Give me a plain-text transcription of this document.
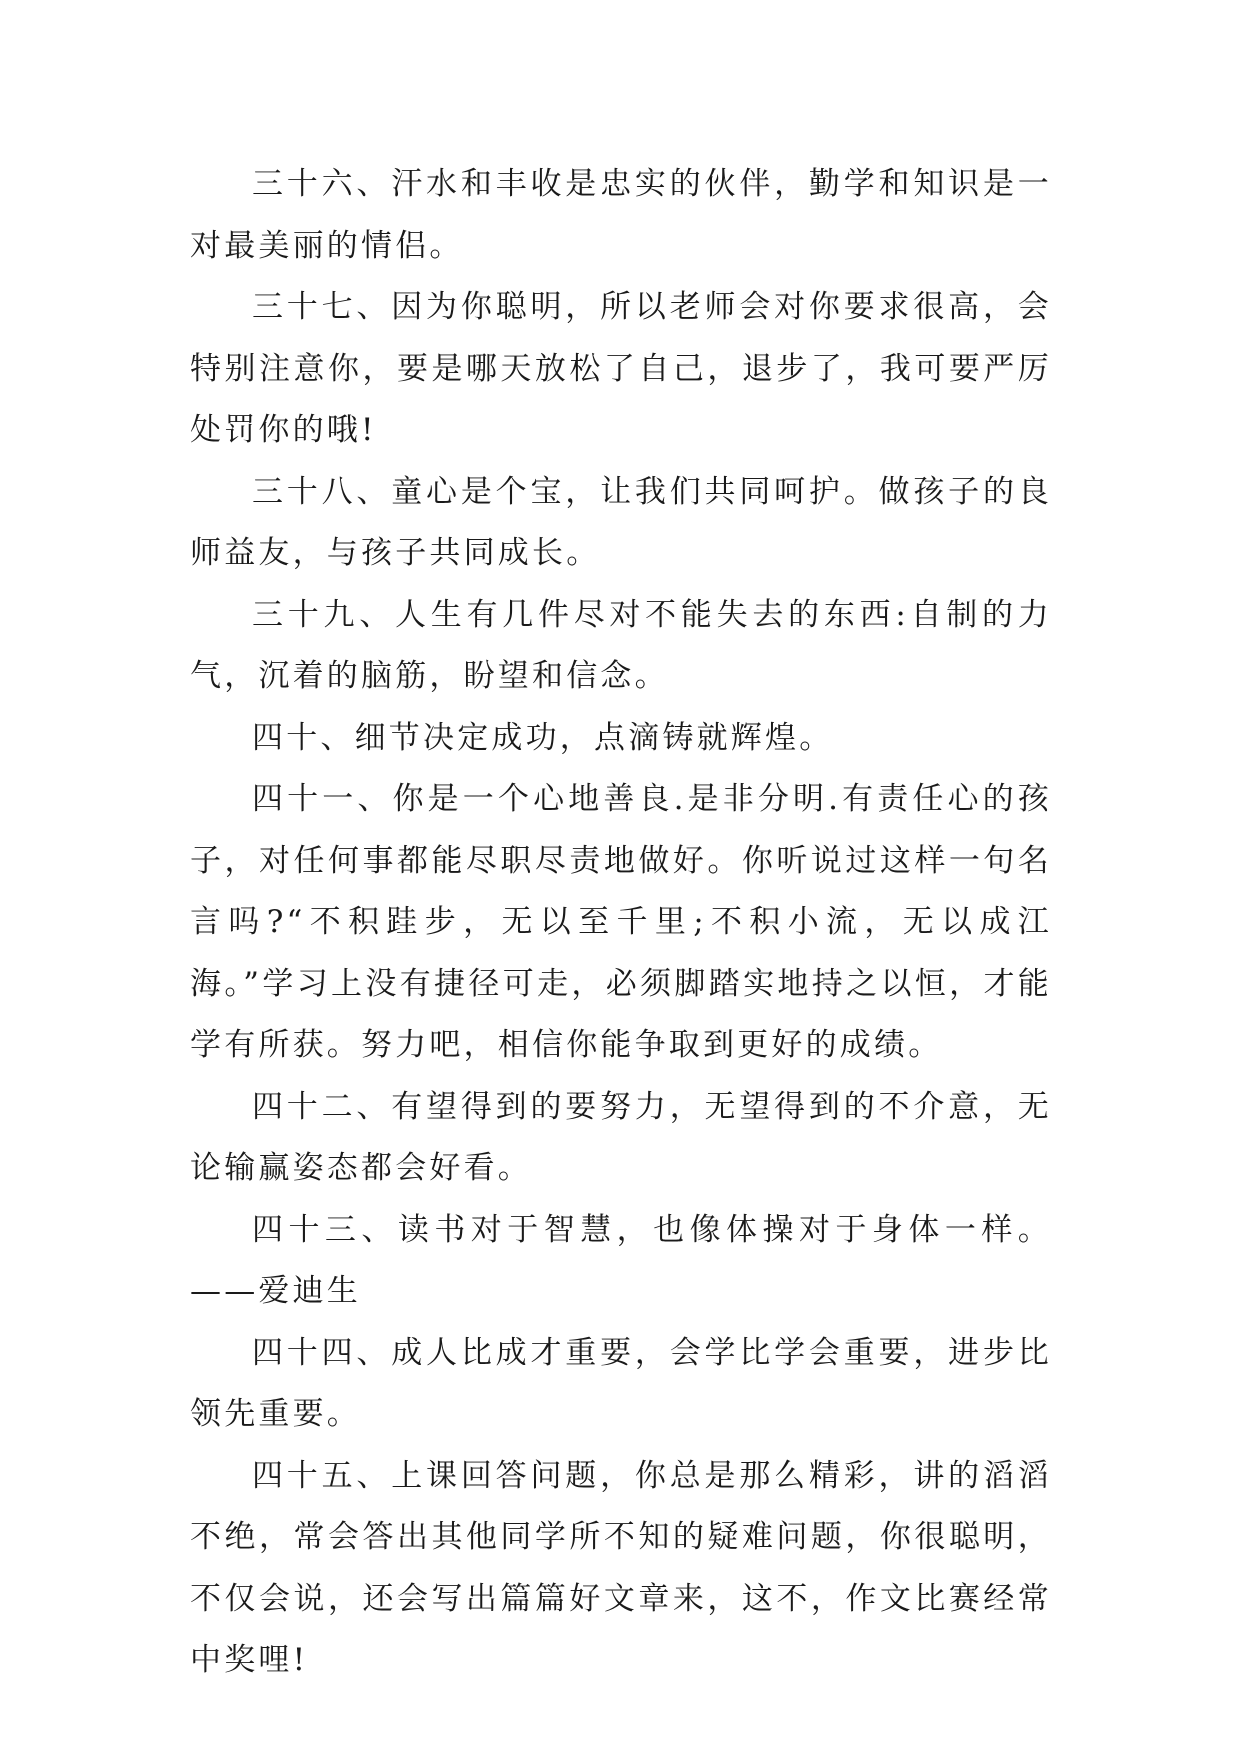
三十六、汗水和丰收是忠实的伙伴，勤学和知识是一对最美丽的情侣。

三十七、因为你聪明，所以老师会对你要求很高，会特别注意你，要是哪天放松了自己，退步了，我可要严厉处罚你的哦!

三十八、童心是个宝，让我们共同呵护。做孩子的良师益友，与孩子共同成长。

三十九、人生有几件尽对不能失去的东西:自制的力气，沉着的脑筋，盼望和信念。

四十、细节决定成功，点滴铸就辉煌。

四十一、你是一个心地善良.是非分明.有责任心的孩子，对任何事都能尽职尽责地做好。你听说过这样一句名言吗?“不积跬步，无以至千里;不积小流，无以成江海。”学习上没有捷径可走，必须脚踏实地持之以恒，才能学有所获。努力吧，相信你能争取到更好的成绩。

四十二、有望得到的要努力，无望得到的不介意，无论输赢姿态都会好看。

四十三、读书对于智慧，也像体操对于身体一样。——爱迪生

四十四、成人比成才重要，会学比学会重要，进步比领先重要。

四十五、上课回答问题，你总是那么精彩，讲的滔滔不绝，常会答出其他同学所不知的疑难问题，你很聪明，不仅会说，还会写出篇篇好文章来，这不，作文比赛经常中奖哩!
